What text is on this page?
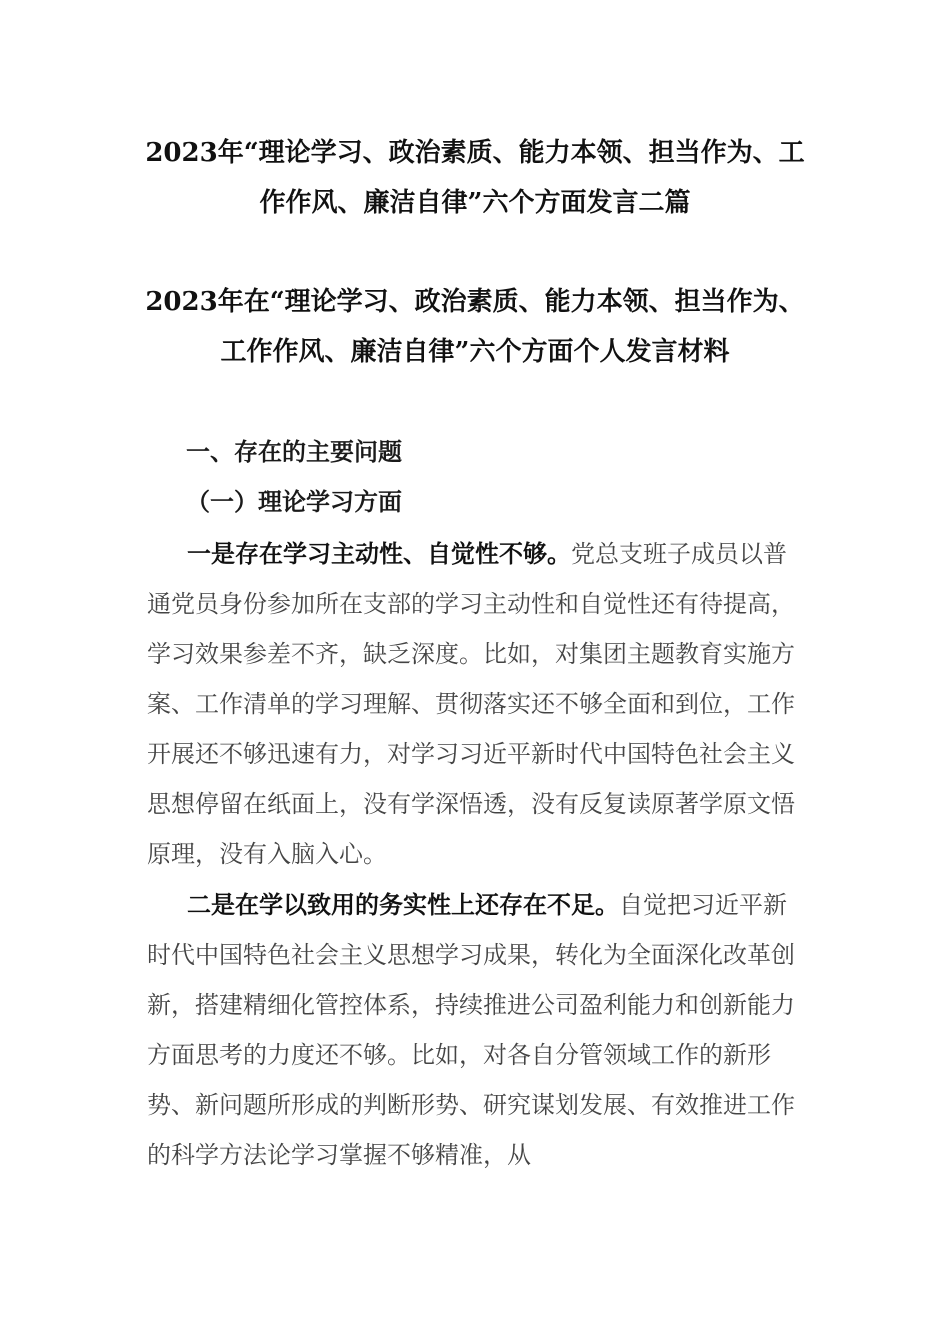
2023年“理论学习、政治素质、能力本领、担当作为、工作作风、廉洁自律”六个方面发言二篇
2023年在“理论学习、政治素质、能力本领、担当作为、工作作风、廉洁自律”六个方面个人发言材料
一、存在的主要问题
（一）理论学习方面

一是存在学习主动性、自觉性不够。党总支班子成员以普通党员身份参加所在支部的学习主动性和自觉性还有待提高，学习效果参差不齐，缺乏深度。比如，对集团主题教育实施方案、工作清单的学习理解、贯彻落实还不够全面和到位，工作开展还不够迅速有力，对学习习近平新时代中国特色社会主义思想停留在纸面上，没有学深悟透，没有反复读原著学原文悟原理，没有入脑入心。

二是在学以致用的务实性上还存在不足。自觉把习近平新时代中国特色社会主义思想学习成果，转化为全面深化改革创新，搭建精细化管控体系，持续推进公司盈利能力和创新能力方面思考的力度还不够。比如，对各自分管领域工作的新形势、新问题所形成的判断形势、研究谋划发展、有效推进工作的科学方法论学习掌握不够精准，从
